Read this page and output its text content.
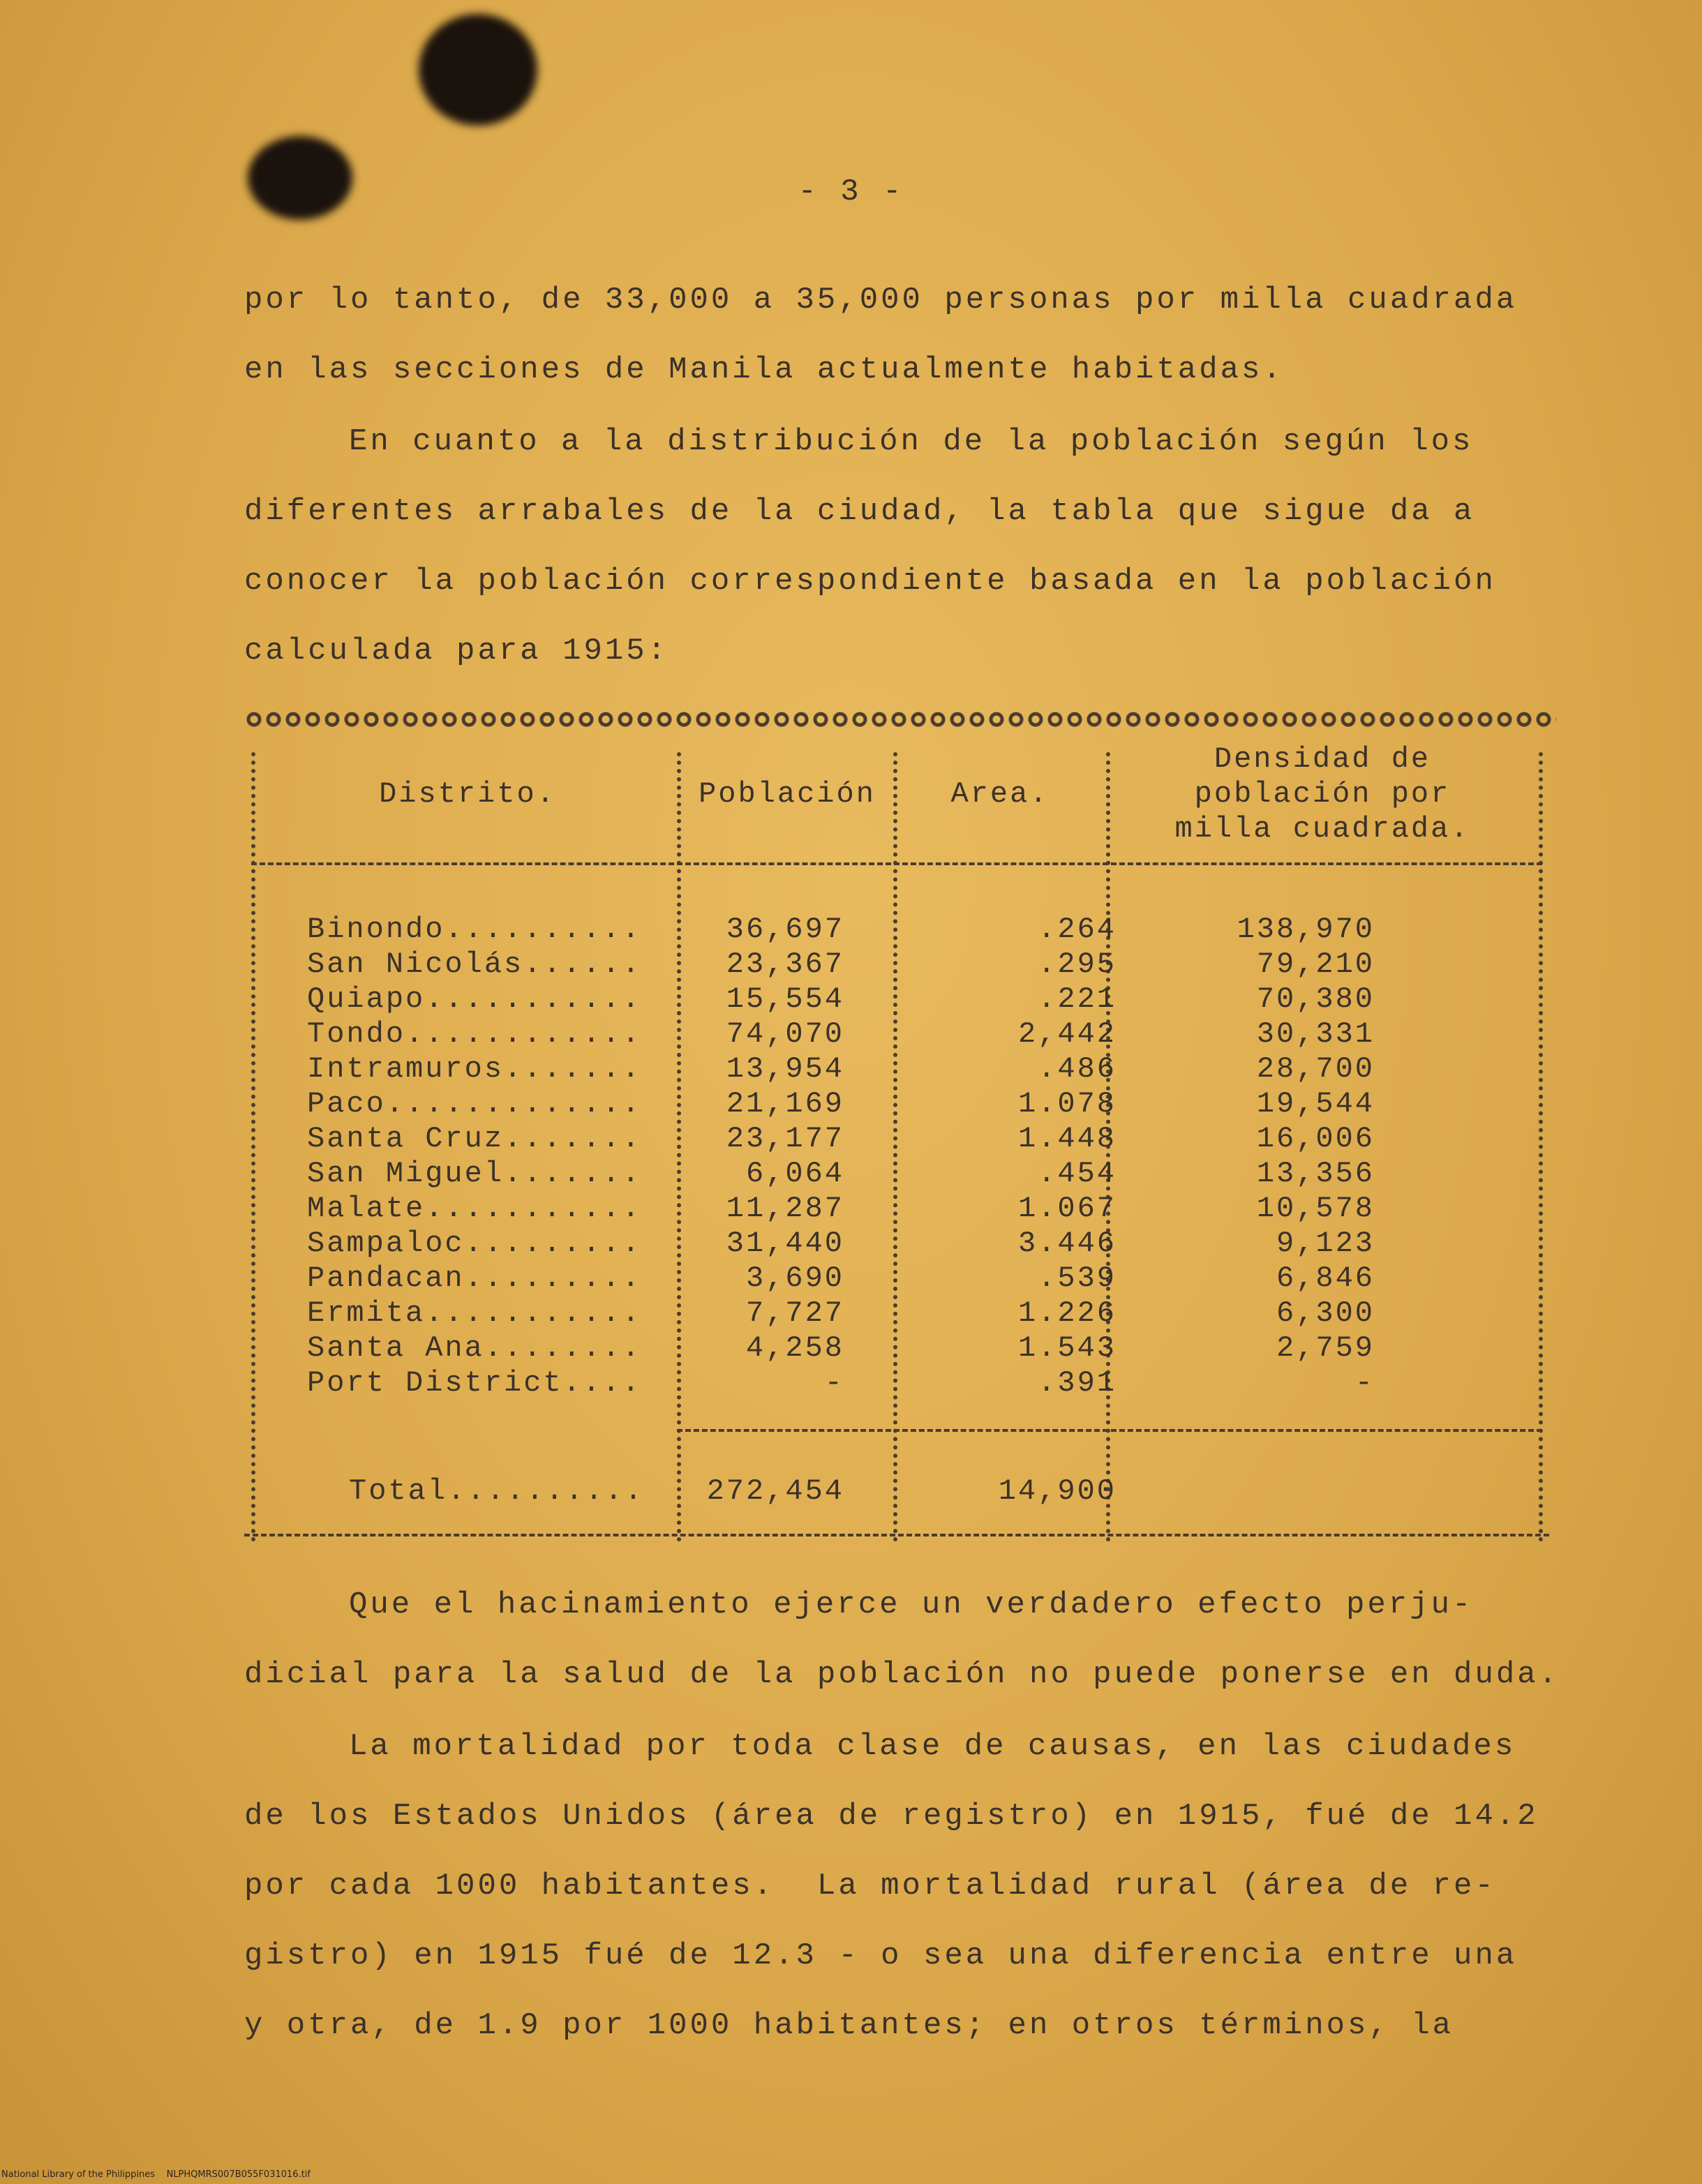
- 3 -
por lo tanto, de 33,000 a 35,000 personas por milla cuadrada
en las secciones de Manila actualmente habitadas.
En cuanto a la distribución de la población según los
diferentes arrabales de la ciudad, la tabla que sigue da a
conocer la población correspondiente basada en la población
calculada para 1915:
Distrito.	Población	Area.
Densidad de
población por
milla cuadrada.
Binondo..........	36,697	.264	138,970
San Nicolás......	23,367	.295	79,210
Quiapo...........	15,554	.221	70,380
Tondo............	74,070	2,442	30,331
Intramuros.......	13,954	.486	28,700
Paco.............	21,169	1.078	19,544
Santa Cruz.......	23,177	1.448	16,006
San Miguel.......	6,064	.454	13,356
Malate...........	11,287	1.067	10,578
Sampaloc.........	31,440	3.446	9,123
Pandacan.........	3,690	.539	6,846
Ermita...........	7,727	1.226	6,300
Santa Ana........	4,258	1.543	2,759
Port District....	-	.391	-
Total..........	272,454	14,900
Que el hacinamiento ejerce un verdadero efecto perju-
dicial para la salud de la población no puede ponerse en duda.
La mortalidad por toda clase de causas, en las ciudades
de los Estados Unidos (área de registro) en 1915, fué de 14.2
por cada 1000 habitantes.  La mortalidad rural (área de re-
gistro) en 1915 fué de 12.3 - o sea una diferencia entre una
y otra, de 1.9 por 1000 habitantes; en otros términos, la
National Library of the Philippines NLPHQMRS007B055F031016.tif
